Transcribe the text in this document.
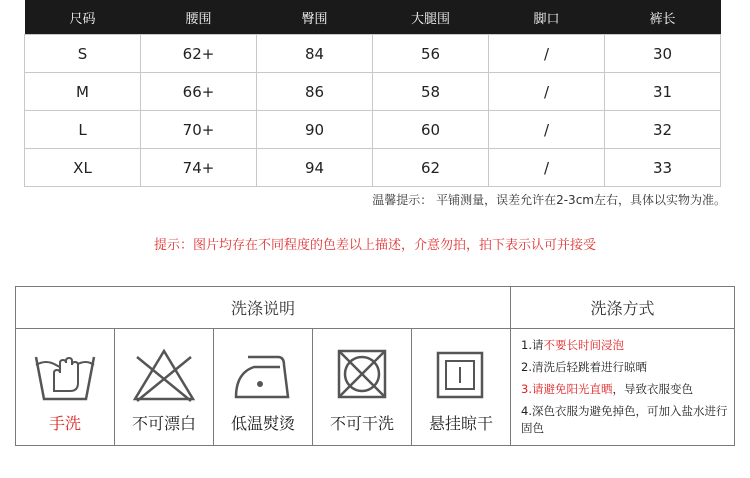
尺码	腰围	臀围	大腿围	脚口	裤长
S	62+	84	56	/	30
M	66+	86	58	/	31
L	70+	90	60	/	32
XL	74+	94	62	/	33
温馨提示： 平铺测量，误差允许在2-3cm左右，具体以实物为准。
提示：图片均存在不同程度的色差以上描述，介意勿拍，拍下表示认可并接受
洗涤说明	洗涤方式
手洗	不可漂白	低温熨烫	不可干洗	悬挂晾干
1.请不要长时间浸泡
2.清洗后轻跳着进行晾晒
3.请避免阳光直晒，导致衣服变色
4.深色衣服为避免掉色，可加入盐水进行固色
